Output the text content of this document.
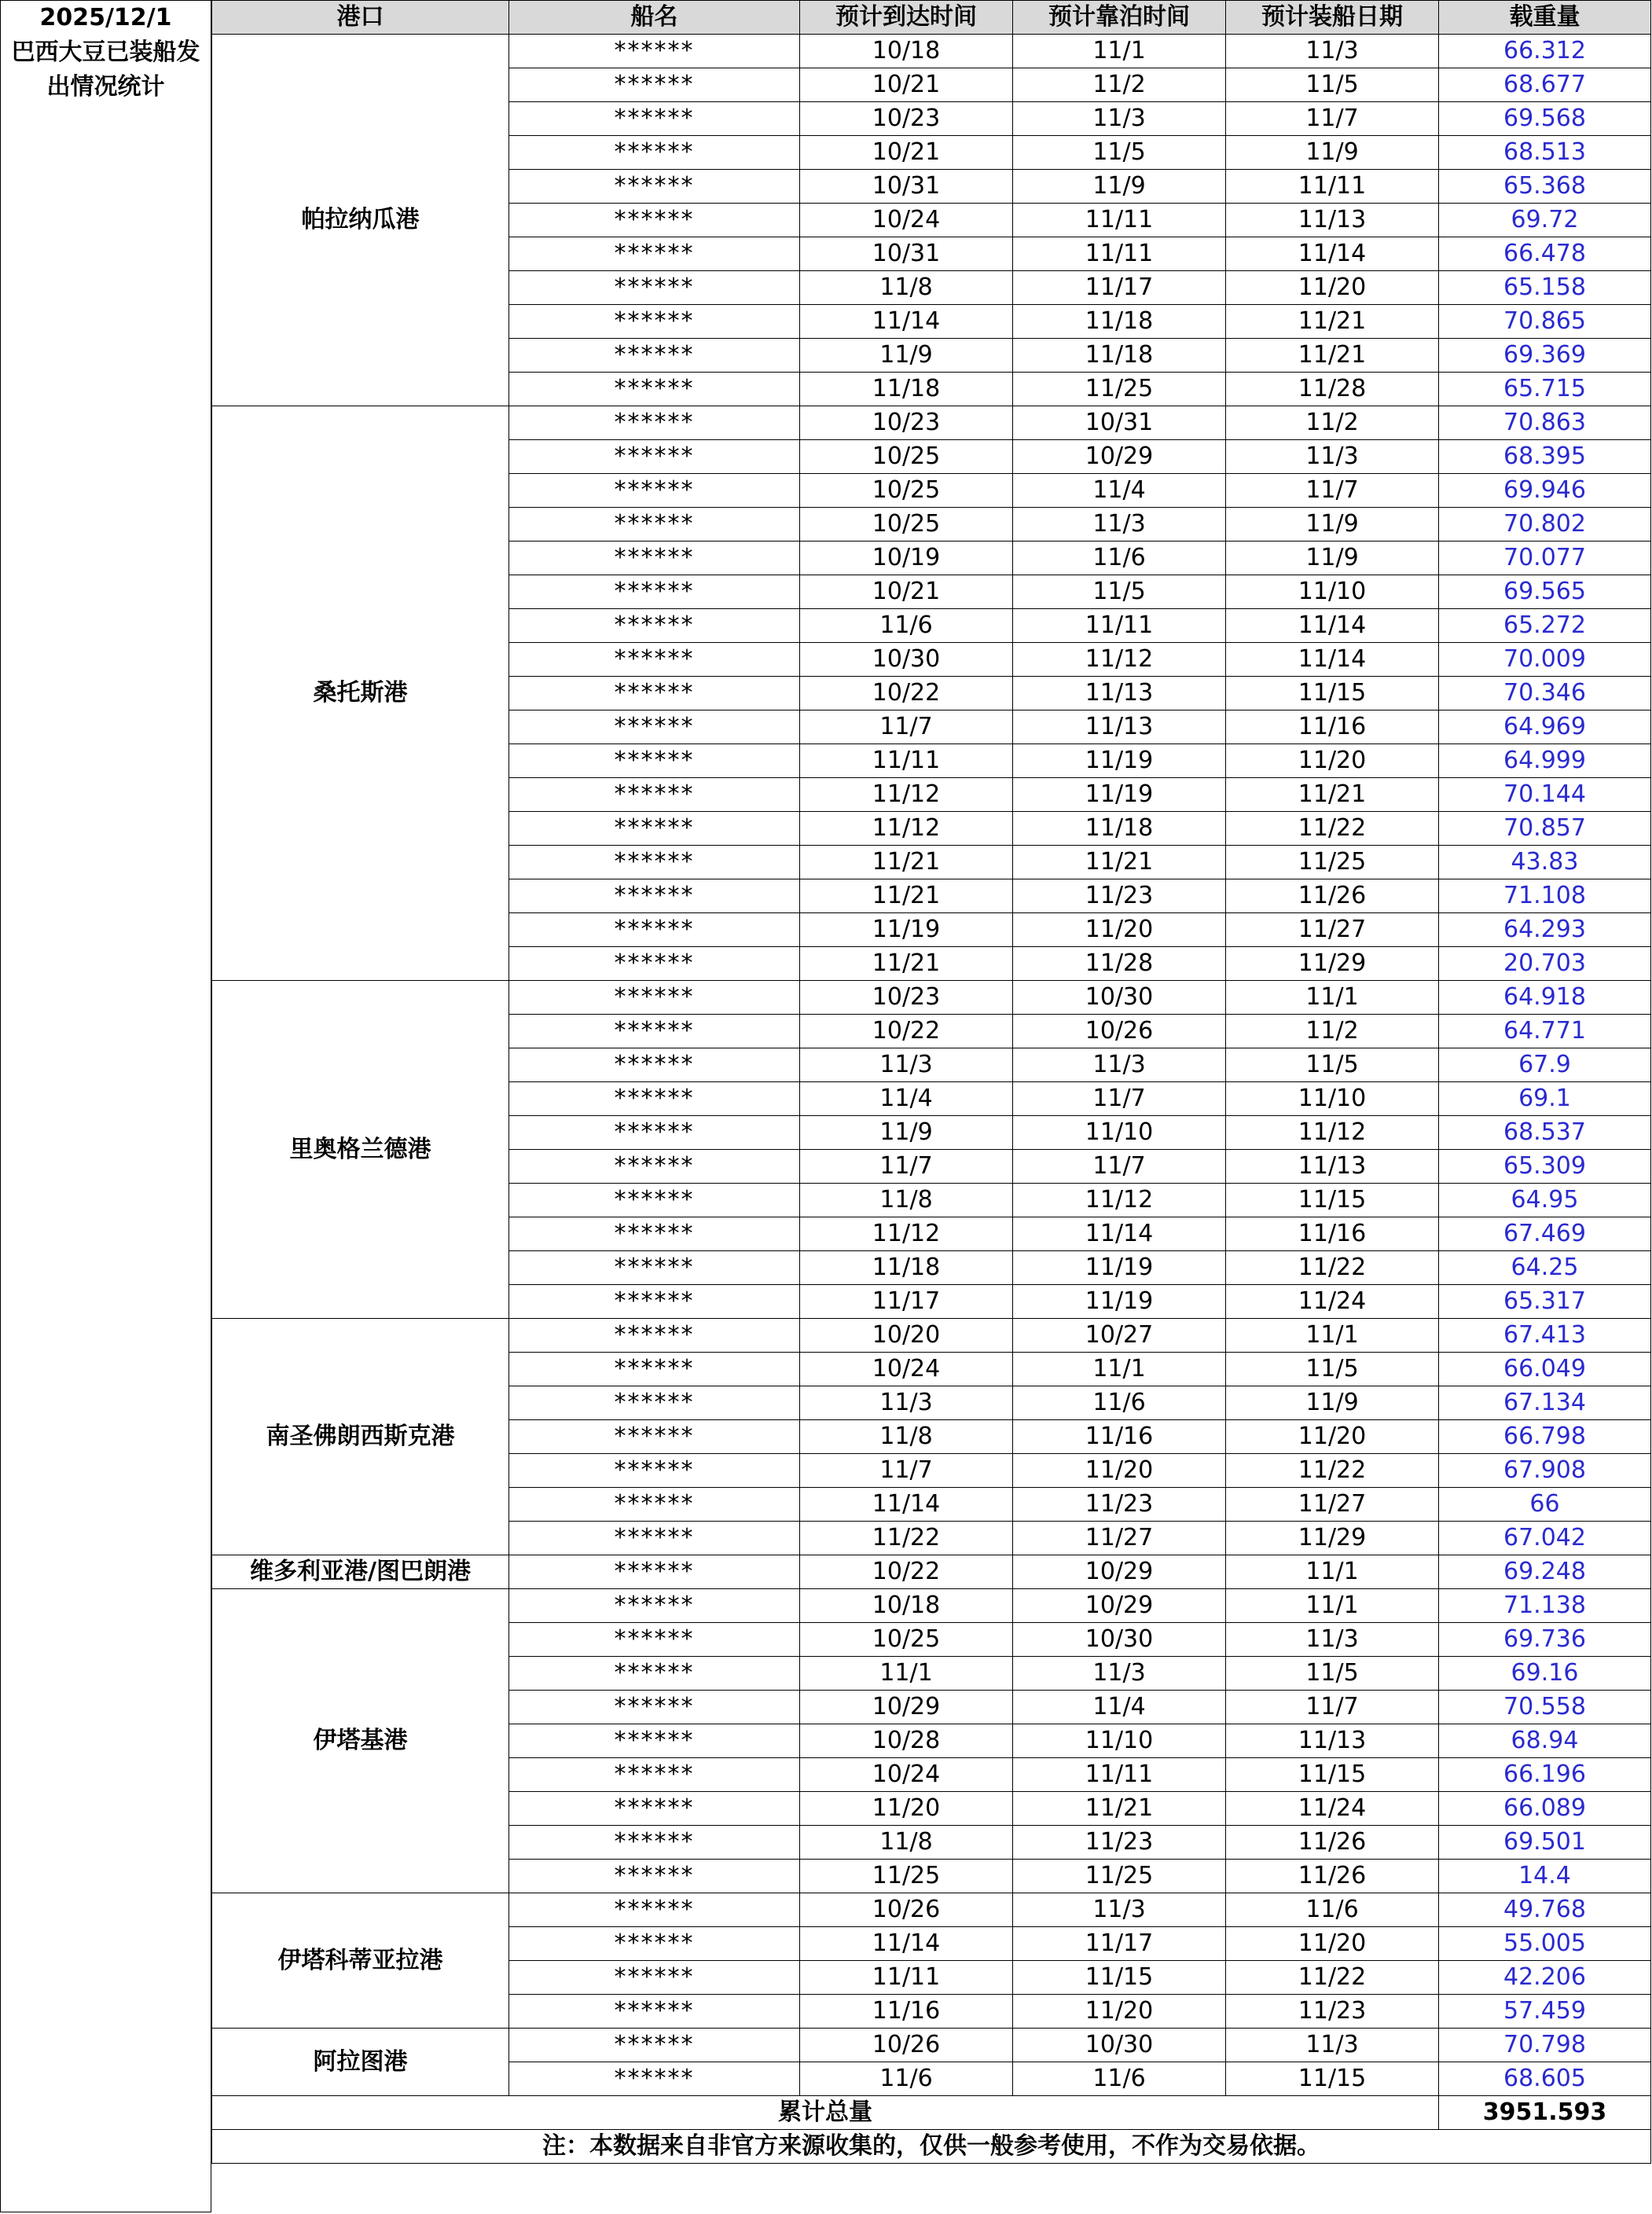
2025/12/1
巴西大豆已装船发
出情况统计
港口	船名	预计到达时间	预计靠泊时间	预计装船日期	载重量
帕拉纳瓜港	******	10/18	11/1	11/3	66.312
	******	10/21	11/2	11/5	68.677
	******	10/23	11/3	11/7	69.568
	******	10/21	11/5	11/9	68.513
	******	10/31	11/9	11/11	65.368
	******	10/24	11/11	11/13	69.72
	******	10/31	11/11	11/14	66.478
	******	11/8	11/17	11/20	65.158
	******	11/14	11/18	11/21	70.865
	******	11/9	11/18	11/21	69.369
	******	11/18	11/25	11/28	65.715
桑托斯港	******	10/23	10/31	11/2	70.863
	******	10/25	10/29	11/3	68.395
	******	10/25	11/4	11/7	69.946
	******	10/25	11/3	11/9	70.802
	******	10/19	11/6	11/9	70.077
	******	10/21	11/5	11/10	69.565
	******	11/6	11/11	11/14	65.272
	******	10/30	11/12	11/14	70.009
	******	10/22	11/13	11/15	70.346
	******	11/7	11/13	11/16	64.969
	******	11/11	11/19	11/20	64.999
	******	11/12	11/19	11/21	70.144
	******	11/12	11/18	11/22	70.857
	******	11/21	11/21	11/25	43.83
	******	11/21	11/23	11/26	71.108
	******	11/19	11/20	11/27	64.293
	******	11/21	11/28	11/29	20.703
里奥格兰德港	******	10/23	10/30	11/1	64.918
	******	10/22	10/26	11/2	64.771
	******	11/3	11/3	11/5	67.9
	******	11/4	11/7	11/10	69.1
	******	11/9	11/10	11/12	68.537
	******	11/7	11/7	11/13	65.309
	******	11/8	11/12	11/15	64.95
	******	11/12	11/14	11/16	67.469
	******	11/18	11/19	11/22	64.25
	******	11/17	11/19	11/24	65.317
南圣佛朗西斯克港	******	10/20	10/27	11/1	67.413
	******	10/24	11/1	11/5	66.049
	******	11/3	11/6	11/9	67.134
	******	11/8	11/16	11/20	66.798
	******	11/7	11/20	11/22	67.908
	******	11/14	11/23	11/27	66
	******	11/22	11/27	11/29	67.042
维多利亚港/图巴朗港	******	10/22	10/29	11/1	69.248
伊塔基港	******	10/18	10/29	11/1	71.138
	******	10/25	10/30	11/3	69.736
	******	11/1	11/3	11/5	69.16
	******	10/29	11/4	11/7	70.558
	******	10/28	11/10	11/13	68.94
	******	10/24	11/11	11/15	66.196
	******	11/20	11/21	11/24	66.089
	******	11/8	11/23	11/26	69.501
	******	11/25	11/25	11/26	14.4
伊塔科蒂亚拉港	******	10/26	11/3	11/6	49.768
	******	11/14	11/17	11/20	55.005
	******	11/11	11/15	11/22	42.206
	******	11/16	11/20	11/23	57.459
阿拉图港	******	10/26	10/30	11/3	70.798
	******	11/6	11/6	11/15	68.605
累计总量					3951.593
注：本数据来自非官方来源收集的，仅供一般参考使用，不作为交易依据。					
